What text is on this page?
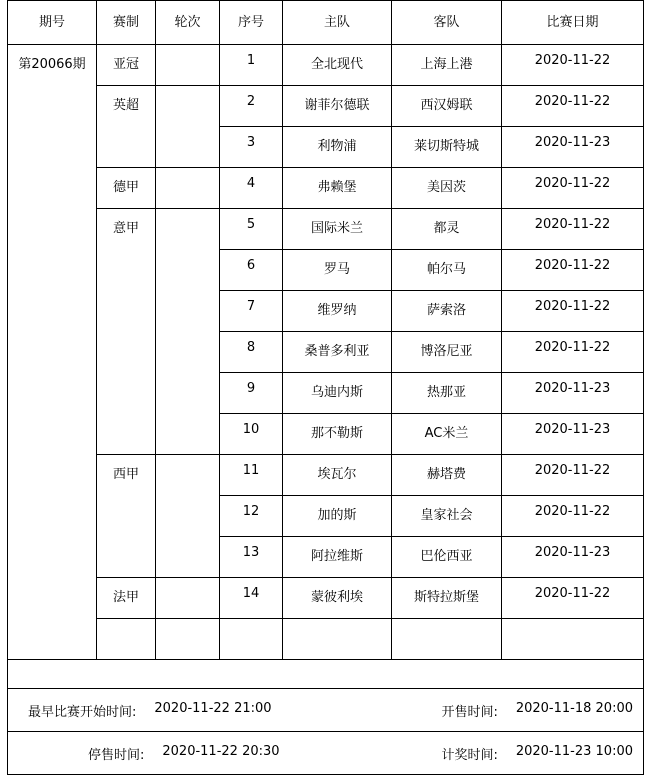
期号	赛制	轮次	序号	主队	客队	比赛日期
第20066期	亚冠		1	全北现代	上海上港	2020-11-22
	英超		2	谢菲尔德联	西汉姆联	2020-11-22
			3	利物浦	莱切斯特城	2020-11-23
	德甲		4	弗赖堡	美因茨	2020-11-22
	意甲		5	国际米兰	都灵	2020-11-22
			6	罗马	帕尔马	2020-11-22
			7	维罗纳	萨索洛	2020-11-22
			8	桑普多利亚	博洛尼亚	2020-11-22
			9	乌迪内斯	热那亚	2020-11-23
			10	那不勒斯	AC米兰	2020-11-23
	西甲		11	埃瓦尔	赫塔费	2020-11-22
			12	加的斯	皇家社会	2020-11-22
			13	阿拉维斯	巴伦西亚	2020-11-23
	法甲		14	蒙彼利埃	斯特拉斯堡	2020-11-22

最早比赛开始时间: 2020-11-22 21:00 开售时间: 2020-11-18 20:00						

停售时间: 2020-11-22 20:30 计奖时间: 2020-11-23 10:00						
